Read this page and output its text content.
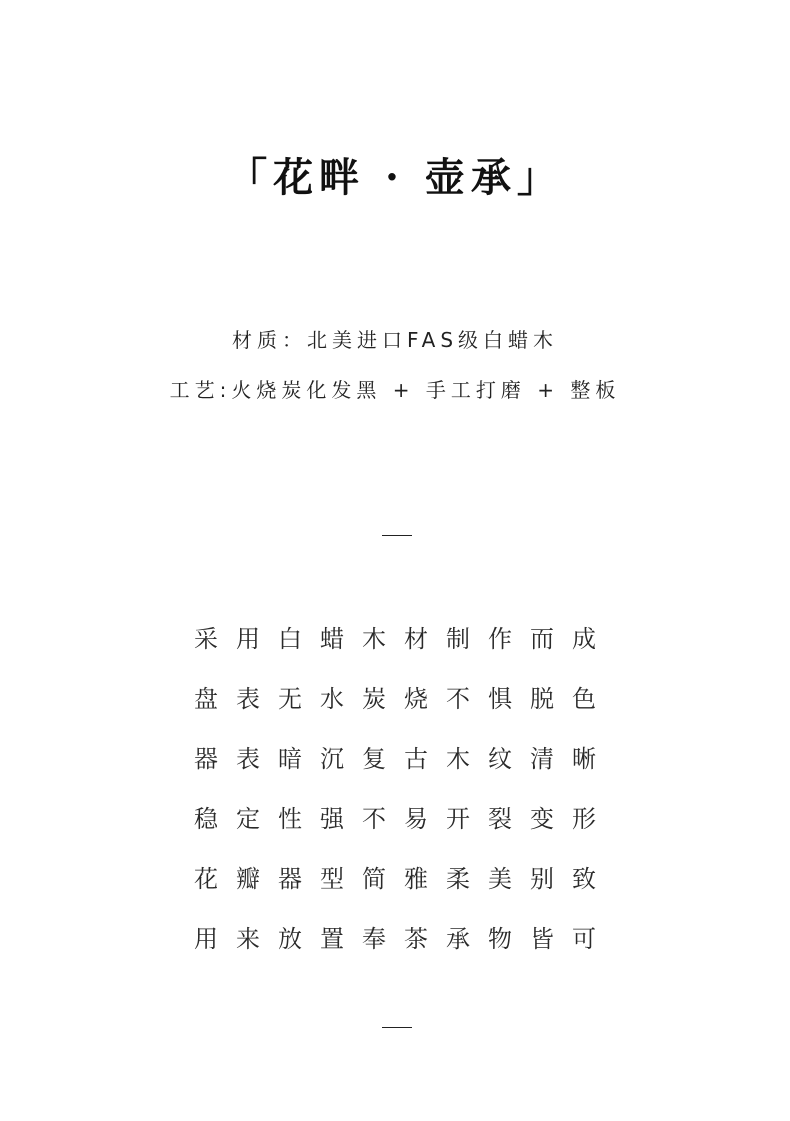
「花畔 · 壶承」
材质：北美进口FAS级白蜡木
工艺:火烧炭化发黑 + 手工打磨 + 整板
采 用 白 蜡 木 材 制 作 而 成
盘 表 无 水 炭 烧 不 惧 脱 色
器 表 暗 沉 复 古 木 纹 清 晰
稳 定 性 强 不 易 开 裂 变 形
花 瓣 器 型 简 雅 柔 美 别 致
用 来 放 置 奉 茶 承 物 皆 可
